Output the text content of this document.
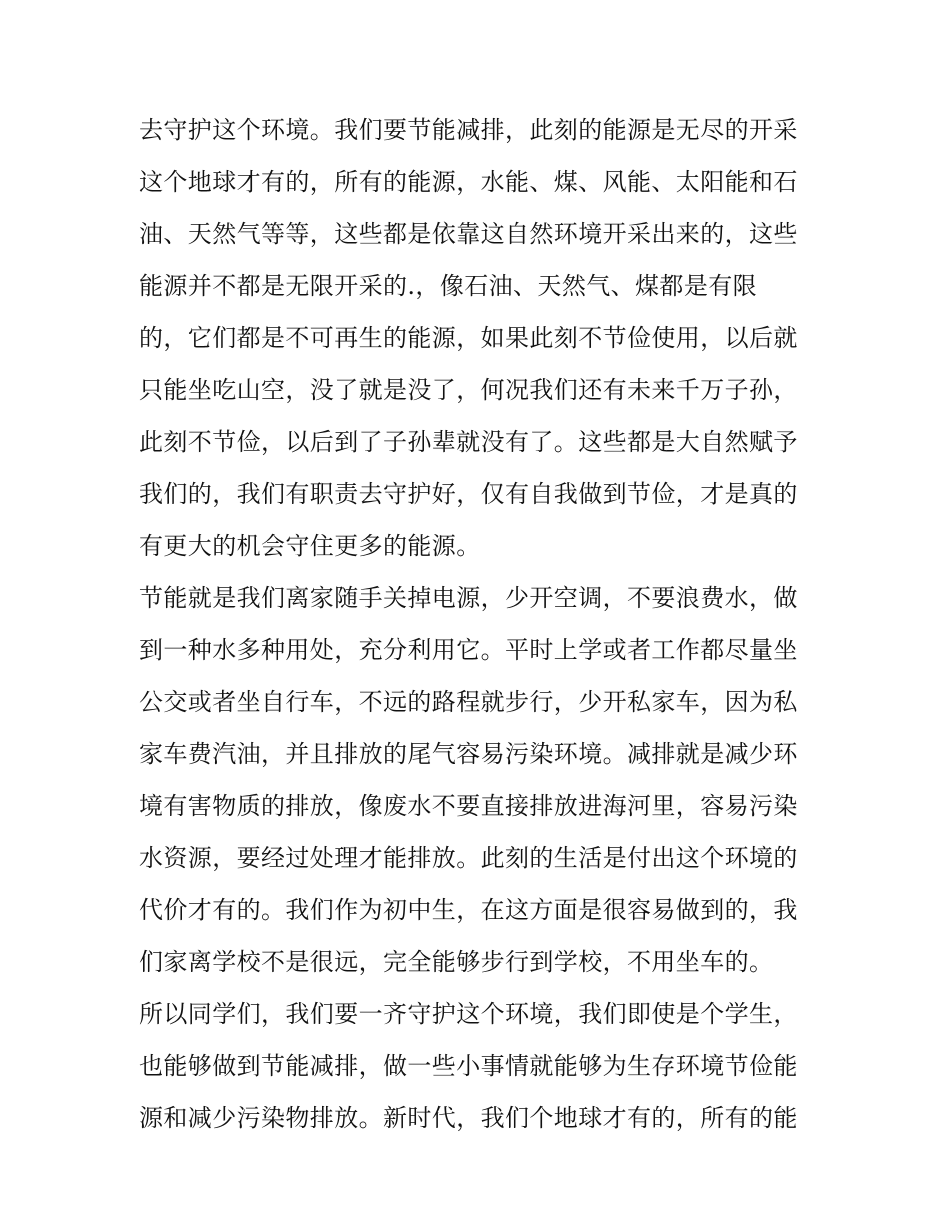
去守护这个环境。我们要节能减排，此刻的能源是无尽的开采
这个地球才有的，所有的能源，水能、煤、风能、太阳能和石
油、天然气等等，这些都是依靠这自然环境开采出来的，这些
能源并不都是无限开采的.，像石油、天然气、煤都是有限
的，它们都是不可再生的能源，如果此刻不节俭使用，以后就
只能坐吃山空，没了就是没了，何况我们还有未来千万子孙，
此刻不节俭，以后到了子孙辈就没有了。这些都是大自然赋予
我们的，我们有职责去守护好，仅有自我做到节俭，才是真的
有更大的机会守住更多的能源。
节能就是我们离家随手关掉电源，少开空调，不要浪费水，做
到一种水多种用处，充分利用它。平时上学或者工作都尽量坐
公交或者坐自行车，不远的路程就步行，少开私家车，因为私
家车费汽油，并且排放的尾气容易污染环境。减排就是减少环
境有害物质的排放，像废水不要直接排放进海河里，容易污染
水资源，要经过处理才能排放。此刻的生活是付出这个环境的
代价才有的。我们作为初中生，在这方面是很容易做到的，我
们家离学校不是很远，完全能够步行到学校，不用坐车的。
所以同学们，我们要一齐守护这个环境，我们即使是个学生，
也能够做到节能减排，做一些小事情就能够为生存环境节俭能
源和减少污染物排放。新时代，我们个地球才有的，所有的能
